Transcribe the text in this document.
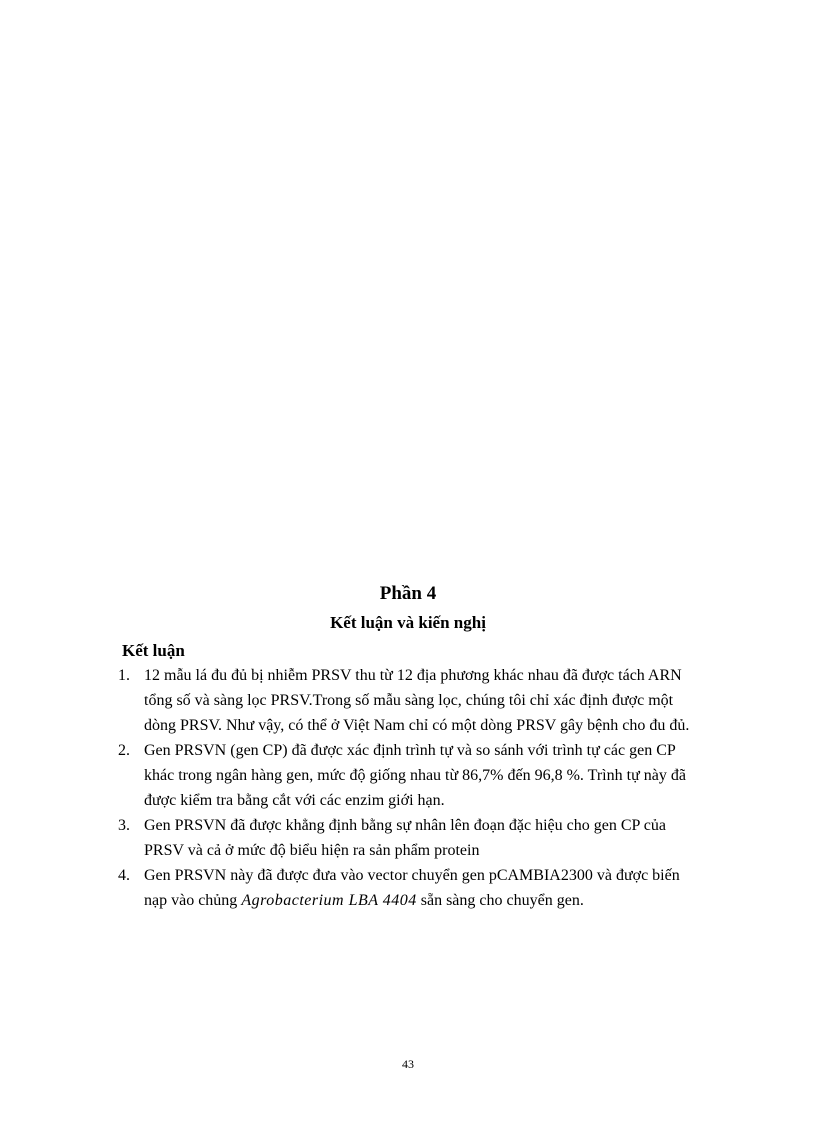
Phần 4
Kết luận và kiến nghị
Kết luận
1. 12 mẫu lá đu đủ bị nhiễm PRSV thu từ 12 địa phương khác nhau đã được tách ARN tổng số và sàng lọc PRSV.Trong số mẫu sàng lọc, chúng tôi chỉ xác định được một dòng PRSV. Như vậy, có thể ở Việt Nam chỉ có một dòng PRSV gây bệnh cho đu đủ.
2. Gen PRSVN (gen CP) đã được xác định trình tự và so sánh với trình tự các gen CP khác trong ngân hàng gen, mức độ giống nhau từ 86,7% đến 96,8 %. Trình tự này đã được kiểm tra bằng cắt với các enzim giới hạn.
3. Gen PRSVN đã được khẳng định bằng sự nhân lên đoạn đặc hiệu cho gen CP của PRSV và cả ở mức độ biểu hiện ra sản phẩm protein
4. Gen PRSVN này đã được đưa vào vector chuyển gen pCAMBIA2300 và được biến nạp vào chủng Agrobacterium LBA 4404 sẵn sàng cho chuyển gen.
43
